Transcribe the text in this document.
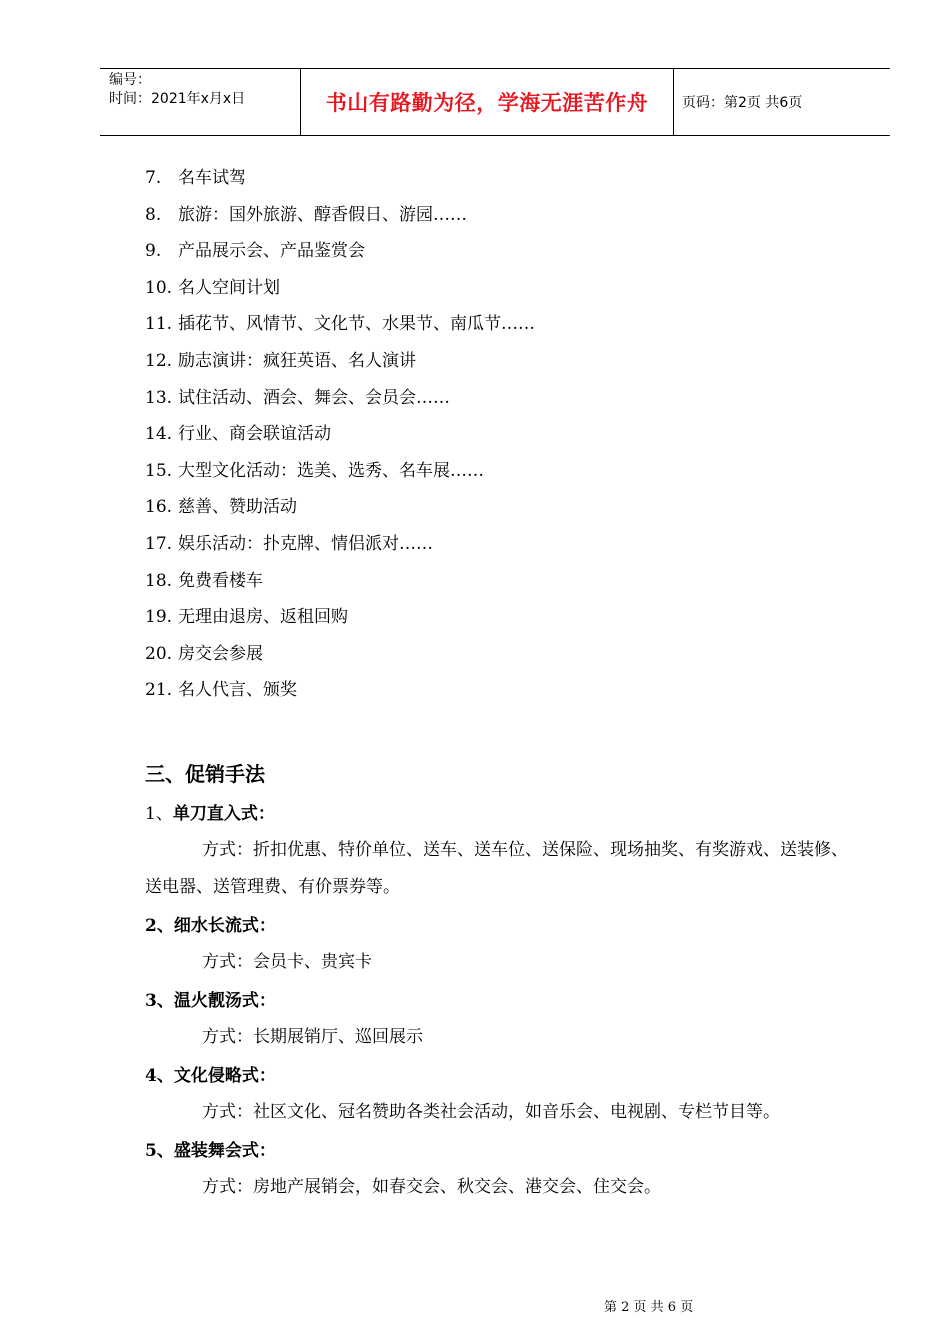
编号：
时间：2021年x月x日	书山有路勤为径，学海无涯苦作舟	页码：第2页 共6页
7. 名车试驾
8. 旅游：国外旅游、醇香假日、游园……
9. 产品展示会、产品鉴赏会
10. 名人空间计划
11. 插花节、风情节、文化节、水果节、南瓜节……
12. 励志演讲：疯狂英语、名人演讲
13. 试住活动、酒会、舞会、会员会……
14. 行业、商会联谊活动
15. 大型文化活动：选美、选秀、名车展……
16. 慈善、赞助活动
17. 娱乐活动：扑克牌、情侣派对……
18. 免费看楼车
19. 无理由退房、返租回购
20. 房交会参展
21. 名人代言、颁奖
三、促销手法
1、单刀直入式：
方式：折扣优惠、特价单位、送车、送车位、送保险、现场抽奖、有奖游戏、送装修、送电器、送管理费、有价票券等。
2、细水长流式：
方式：会员卡、贵宾卡
3、温火靓汤式：
方式：长期展销厅、巡回展示
4、文化侵略式：
方式：社区文化、冠名赞助各类社会活动，如音乐会、电视剧、专栏节目等。
5、盛装舞会式：
方式：房地产展销会，如春交会、秋交会、港交会、住交会。
第 2 页 共 6 页
